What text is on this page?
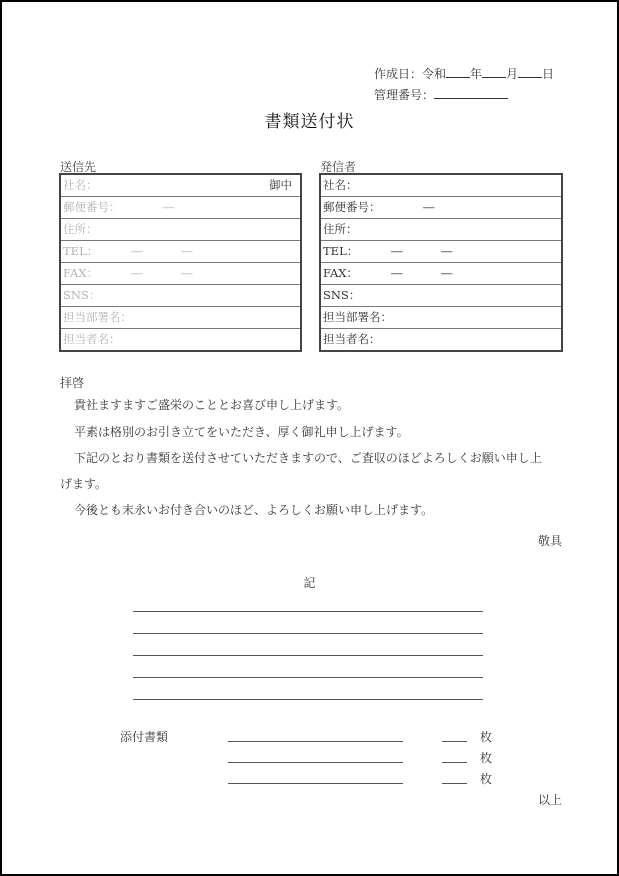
作成日：令和 年 月 日
管理番号：
書類送付状
送信先
社名：	御中
郵便番号：	―
住所：
TEL：	―	―
FAX：	―	―
SNS：
担当部署名：
担当者名：
発信者
社名：
郵便番号：	―
住所：
TEL：	―	―
FAX：	―	―
SNS：
担当部署名：
担当者名：
拝啓
貴社ますますご盛栄のこととお喜び申し上げます。
平素は格別のお引き立てをいただき、厚く御礼申し上げます。
下記のとおり書類を送付させていただきますので、ご査収のほどよろしくお願い申し上
げます。
今後とも末永いお付き合いのほど、よろしくお願い申し上げます。
敬具
記
添付書類	枚
枚
枚
以上
